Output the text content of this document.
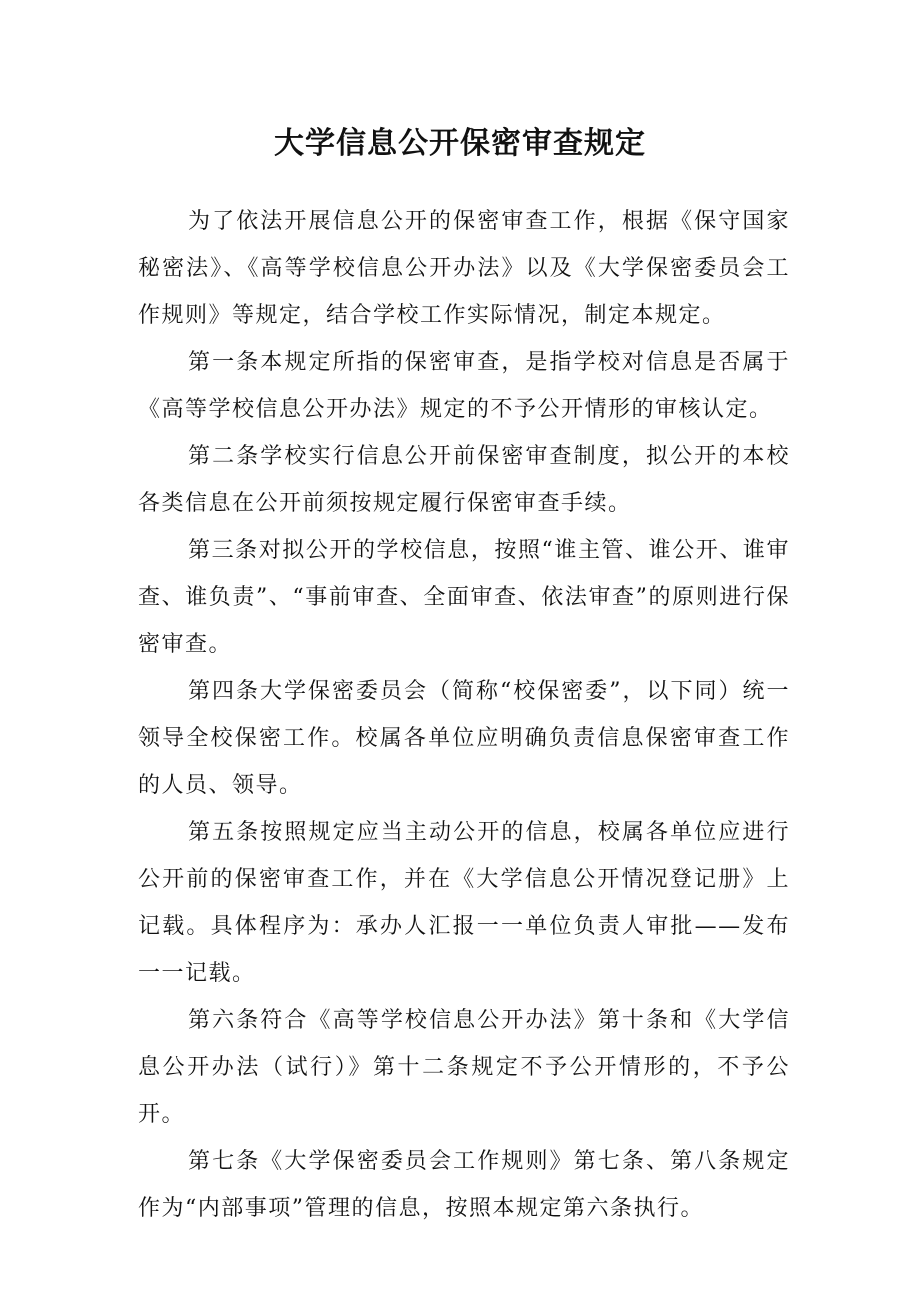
大学信息公开保密审查规定

为了依法开展信息公开的保密审查工作，根据《保守国家秘密法》、《高等学校信息公开办法》以及《大学保密委员会工作规则》等规定，结合学校工作实际情况，制定本规定。

第一条本规定所指的保密审查，是指学校对信息是否属于《高等学校信息公开办法》规定的不予公开情形的审核认定。

第二条学校实行信息公开前保密审查制度，拟公开的本校各类信息在公开前须按规定履行保密审查手续。

第三条对拟公开的学校信息，按照“谁主管、谁公开、谁审查、谁负责”、“事前审查、全面审查、依法审查”的原则进行保密审查。

第四条大学保密委员会（简称“校保密委”，以下同）统一领导全校保密工作。校属各单位应明确负责信息保密审查工作的人员、领导。

第五条按照规定应当主动公开的信息，校属各单位应进行公开前的保密审查工作，并在《大学信息公开情况登记册》上记载。具体程序为：承办人汇报一一单位负责人审批——发布一一记载。

第六条符合《高等学校信息公开办法》第十条和《大学信息公开办法（试行）》第十二条规定不予公开情形的，不予公开。

第七条《大学保密委员会工作规则》第七条、第八条规定作为“内部事项”管理的信息，按照本规定第六条执行。
